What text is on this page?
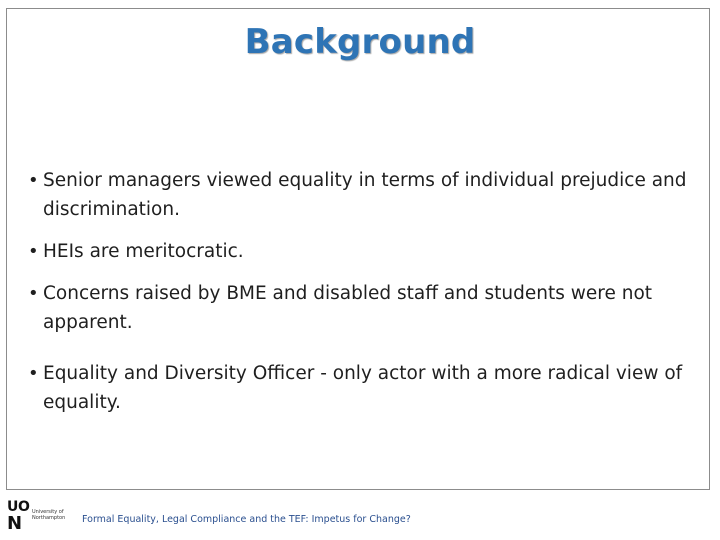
Background
• Senior managers viewed equality in terms of individual prejudice and discrimination.
• HEIs are meritocratic.
• Concerns raised by BME and disabled staff and students were not apparent.
• Equality and Diversity Officer - only actor with a more radical view of equality.
U O
N
University of
Northampton Formal Equality, Legal Compliance and the TEF: Impetus for Change?
